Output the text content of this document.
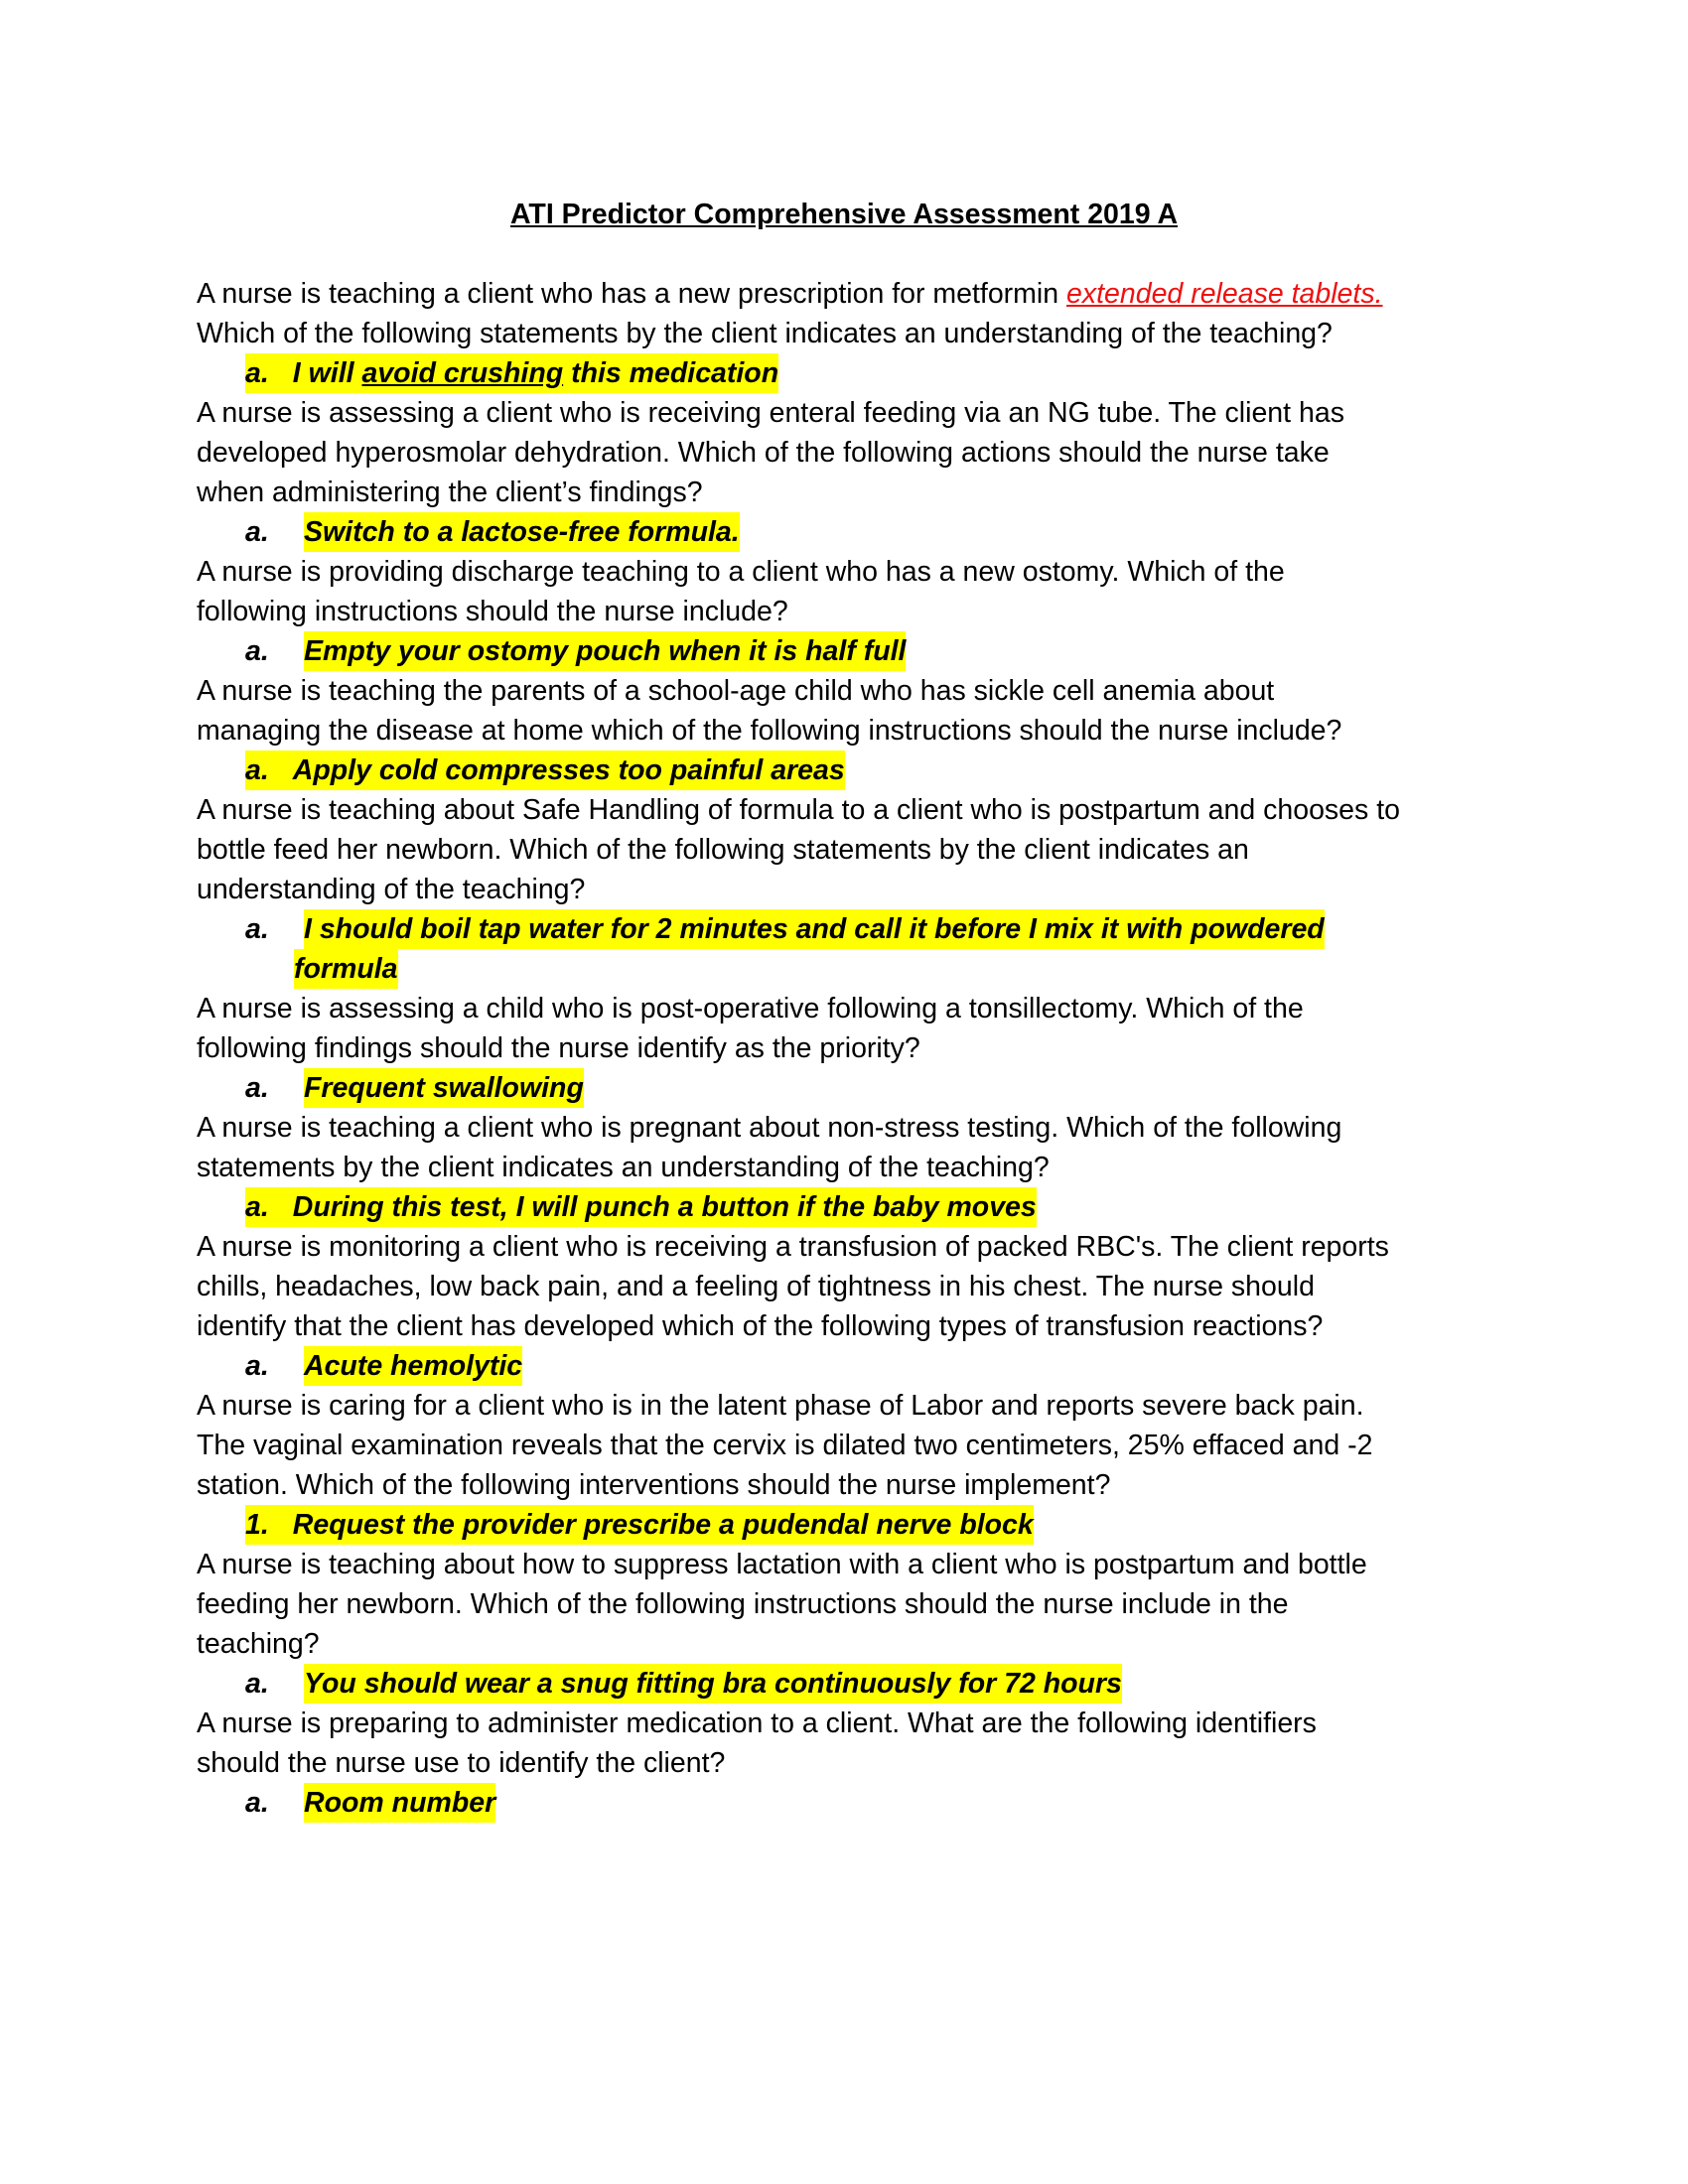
ATI Predictor Comprehensive Assessment 2019 A
A nurse is teaching a client who has a new prescription for metformin extended release tablets.
Which of the following statements by the client indicates an understanding of the teaching?
a. I will avoid crushing this medication
A nurse is assessing a client who is receiving enteral feeding via an NG tube. The client has
developed hyperosmolar dehydration. Which of the following actions should the nurse take
when administering the client’s findings?
a. Switch to a lactose-free formula.
A nurse is providing discharge teaching to a client who has a new ostomy. Which of the
following instructions should the nurse include?
a. Empty your ostomy pouch when it is half full
A nurse is teaching the parents of a school-age child who has sickle cell anemia about
managing the disease at home which of the following instructions should the nurse include?
a. Apply cold compresses too painful areas
A nurse is teaching about Safe Handling of formula to a client who is postpartum and chooses to
bottle feed her newborn. Which of the following statements by the client indicates an
understanding of the teaching?
a. I should boil tap water for 2 minutes and call it before I mix it with powdered
formula
A nurse is assessing a child who is post-operative following a tonsillectomy. Which of the
following findings should the nurse identify as the priority?
a. Frequent swallowing
A nurse is teaching a client who is pregnant about non-stress testing. Which of the following
statements by the client indicates an understanding of the teaching?
a. During this test, I will punch a button if the baby moves
A nurse is monitoring a client who is receiving a transfusion of packed RBC's. The client reports
chills, headaches, low back pain, and a feeling of tightness in his chest. The nurse should
identify that the client has developed which of the following types of transfusion reactions?
a. Acute hemolytic
A nurse is caring for a client who is in the latent phase of Labor and reports severe back pain.
The vaginal examination reveals that the cervix is dilated two centimeters, 25% effaced and -2
station. Which of the following interventions should the nurse implement?
1. Request the provider prescribe a pudendal nerve block
A nurse is teaching about how to suppress lactation with a client who is postpartum and bottle
feeding her newborn. Which of the following instructions should the nurse include in the
teaching?
a. You should wear a snug fitting bra continuously for 72 hours
A nurse is preparing to administer medication to a client. What are the following identifiers
should the nurse use to identify the client?
a. Room number
